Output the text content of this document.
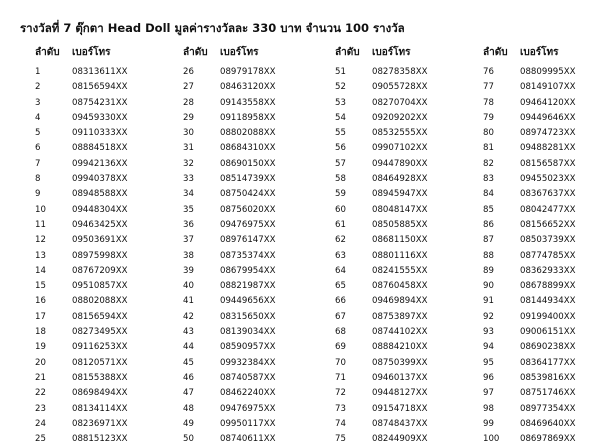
รางวัลที่ 7 ตุ๊กตา Head Doll มูลค่ารางวัลละ 330 บาท จำนวน 100 รางวัล
ลำดับ เบอร์โทร
1	08313611XX
2	08156594XX
3	08754231XX
4	09459330XX
5	09110333XX
6	08884518XX
7	09942136XX
8	09940378XX
9	08948588XX
10	09448304XX
11	09463425XX
12	09503691XX
13	08975998XX
14	08767209XX
15	09510857XX
16	08802088XX
17	08156594XX
18	08273495XX
19	09116253XX
20	08120571XX
21	08155388XX
22	08698494XX
23	08134114XX
24	08236971XX
25	08815123XX
ลำดับ เบอร์โทร
26	08979178XX
27	08463120XX
28	09143558XX
29	09118958XX
30	08802088XX
31	08684310XX
32	08690150XX
33	08514739XX
34	08750424XX
35	08756020XX
36	09476975XX
37	08976147XX
38	08735374XX
39	08679954XX
40	08821987XX
41	09449656XX
42	08315650XX
43	08139034XX
44	08590957XX
45	09932384XX
46	08740587XX
47	08462240XX
48	09476975XX
49	09950117XX
50	08740611XX
ลำดับ เบอร์โทร
51	08278358XX
52	09055728XX
53	08270704XX
54	09209202XX
55	08532555XX
56	09907102XX
57	09447890XX
58	08464928XX
59	08945947XX
60	08048147XX
61	08505885XX
62	08681150XX
63	08801116XX
64	08241555XX
65	08760458XX
66	09469894XX
67	08753897XX
68	08744102XX
69	08884210XX
70	08750399XX
71	09460137XX
72	09448127XX
73	09154718XX
74	08748437XX
75	08244909XX
ลำดับ เบอร์โทร
76	08809995XX
77	08149107XX
78	09464120XX
79	09449646XX
80	08974723XX
81	09488281XX
82	08156587XX
83	09455023XX
84	08367637XX
85	08042477XX
86	08156652XX
87	08503739XX
88	08774785XX
89	08362933XX
90	08678899XX
91	08144934XX
92	09199400XX
93	09006151XX
94	08690238XX
95	08364177XX
96	08539816XX
97	08751746XX
98	08977354XX
99	08469640XX
100 08697869XX
